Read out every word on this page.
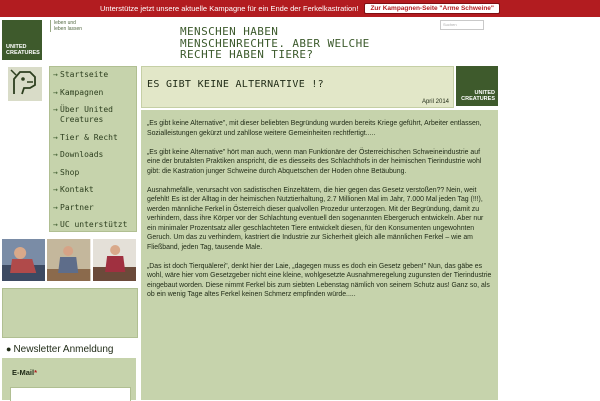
Unterstütze jetzt unsere aktuelle Kampagne für ein Ende der Ferkelkastration!	Zur Kampagnen-Seite "Arme Schweine"
UNITED
CREATURES
leben und
leben lassen	MENSCHEN HABEN MENSCHENRECHTE. ABER WELCHE RECHTE HABEN TIERE?
Suchen
→ Startseite
→ Kampagnen
→ Über United Creatures
→ Tier & Recht
→ Downloads
→ Shop
→ Kontakt
→ Partner
→ UC unterstützt
● Newsletter Anmeldung
E-Mail*
ES GIBT KEINE ALTERNATIVE !?
April 2014
UNITED
CREATURES

„Es gibt keine Alternative", mit dieser beliebten Begründung wurden bereits Kriege geführt, Arbeiter entlassen, Sozialleistungen gekürzt und zahllose weitere Gemeinheiten rechtfertigt.....

„Es gibt keine Alternative" hört man auch, wenn man Funktionäre der Österreichischen Schweineindustrie auf eine der brutalsten Praktiken anspricht, die es diesseits des Schlachthofs in der heimischen Tierindustrie wohl gibt: die Kastration junger Schweine durch Abquetschen der Hoden ohne Betäubung.

Ausnahmefälle, verursacht von sadistischen Einzeltätern, die hier gegen das Gesetz verstoßen?? Nein, weit gefehlt! Es ist der Alltag in der heimischen Nutztierhaltung, 2.7 Millionen Mal im Jahr, 7.000 Mal jeden Tag (!!!), werden männliche Ferkel in Österreich dieser qualvollen Prozedur unterzogen. Mit der Begründung, damit zu verhindern, dass ihre Körper vor der Schlachtung eventuell den sogenannten Ebergeruch entwickeln. Aber nur ein minimaler Prozentsatz aller geschlachteten Tiere entwickelt diesen, für den Konsumenten ungewohnten Geruch. Um das zu verhindern, kastriert die Industrie zur Sicherheit gleich alle männlichen Ferkel – wie am Fließband, jeden Tag, tausende Male.

„Das ist doch Tierquälerei", denkt hier der Laie, „dagegen muss es doch ein Gesetz geben!" Nun, das gäbe es wohl, wäre hier vom Gesetzgeber nicht eine kleine, wohlgesetzte Ausnahmeregelung zugunsten der Tierindustrie eingebaut worden. Diese nimmt Ferkel bis zum siebten Lebenstag nämlich von seinem Schutz aus! Ganz so, als ob ein wenig Tage altes Ferkel keinen Schmerz empfinden würde.....
